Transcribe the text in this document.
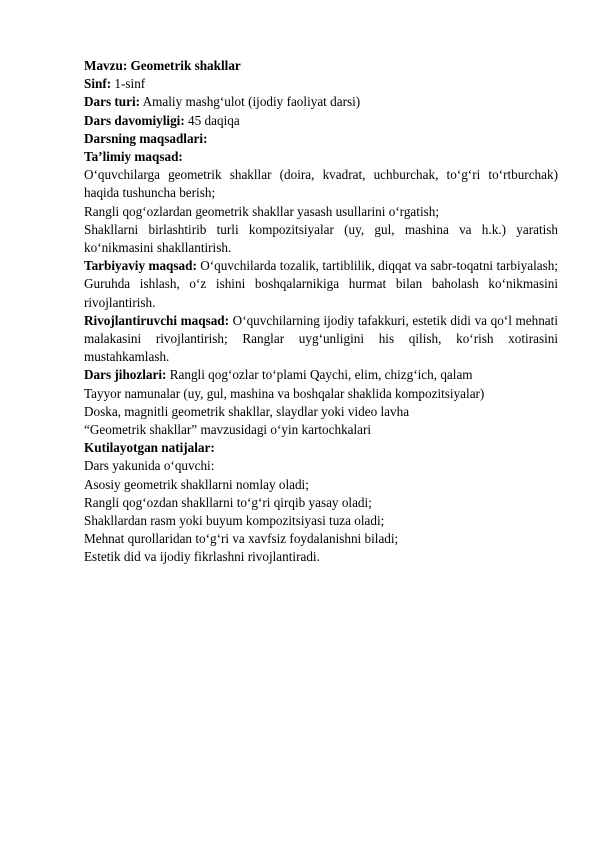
Mavzu: Geometrik shakllar

Sinf: 1-sinf

Dars turi: Amaliy mashg‘ulot (ijodiy faoliyat darsi)

Dars davomiyligi: 45 daqiqa

Darsning maqsadlari:

Ta’limiy maqsad:

O‘quvchilarga geometrik shakllar (doira, kvadrat, uchburchak, to‘g‘ri to‘rtburchak) haqida tushuncha berish;

Rangli qog‘ozlardan geometrik shakllar yasash usullarini o‘rgatish;

Shakllarni birlashtirib turli kompozitsiyalar (uy, gul, mashina va h.k.) yaratish ko‘nikmasini shakllantirish.

Tarbiyaviy maqsad: O‘quvchilarda tozalik, tartiblilik, diqqat va sabr-toqatni tarbiyalash; Guruhda ishlash, o‘z ishini boshqalarnikiga hurmat bilan baholash ko‘nikmasini rivojlantirish.

Rivojlantiruvchi maqsad: O‘quvchilarning ijodiy tafakkuri, estetik didi va qo‘l mehnati malakasini rivojlantirish; Ranglar uyg‘unligini his qilish, ko‘rish xotirasini mustahkamlash.

Dars jihozlari: Rangli qog‘ozlar to‘plami Qaychi, elim, chizg‘ich, qalam

Tayyor namunalar (uy, gul, mashina va boshqalar shaklida kompozitsiyalar)

Doska, magnitli geometrik shakllar, slaydlar yoki video lavha

“Geometrik shakllar” mavzusidagi o‘yin kartochkalari

Kutilayotgan natijalar:

Dars yakunida o‘quvchi:

Asosiy geometrik shakllarni nomlay oladi;

Rangli qog‘ozdan shakllarni to‘g‘ri qirqib yasay oladi;

Shakllardan rasm yoki buyum kompozitsiyasi tuza oladi;

Mehnat qurollaridan to‘g‘ri va xavfsiz foydalanishni biladi;

Estetik did va ijodiy fikrlashni rivojlantiradi.
